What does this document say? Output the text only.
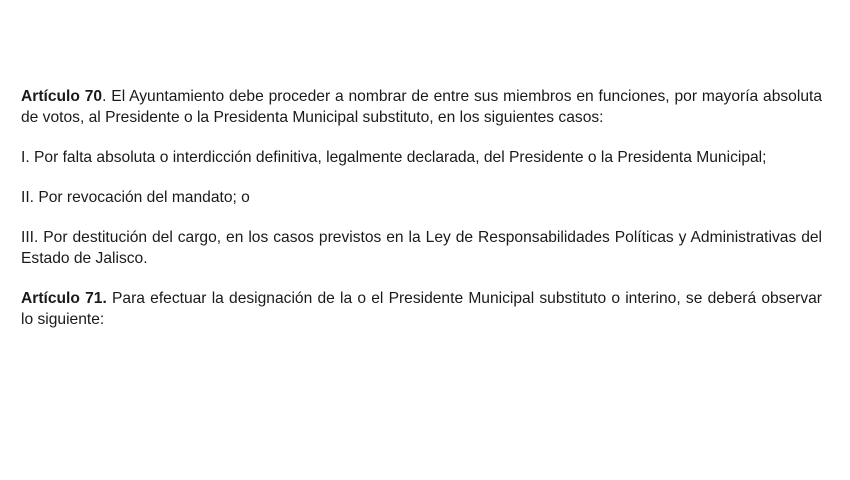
Artículo 70. El Ayuntamiento debe proceder a nombrar de entre sus miembros en funciones, por mayoría absoluta de votos, al Presidente o la Presidenta Municipal substituto, en los siguientes casos:

I. Por falta absoluta o interdicción definitiva, legalmente declarada, del Presidente o la Presidenta Municipal;

II. Por revocación del mandato; o

III. Por destitución del cargo, en los casos previstos en la Ley de Responsabilidades Políticas y Administrativas del Estado de Jalisco.

Artículo 71. Para efectuar la designación de la o el Presidente Municipal substituto o interino, se deberá observar lo siguiente:
